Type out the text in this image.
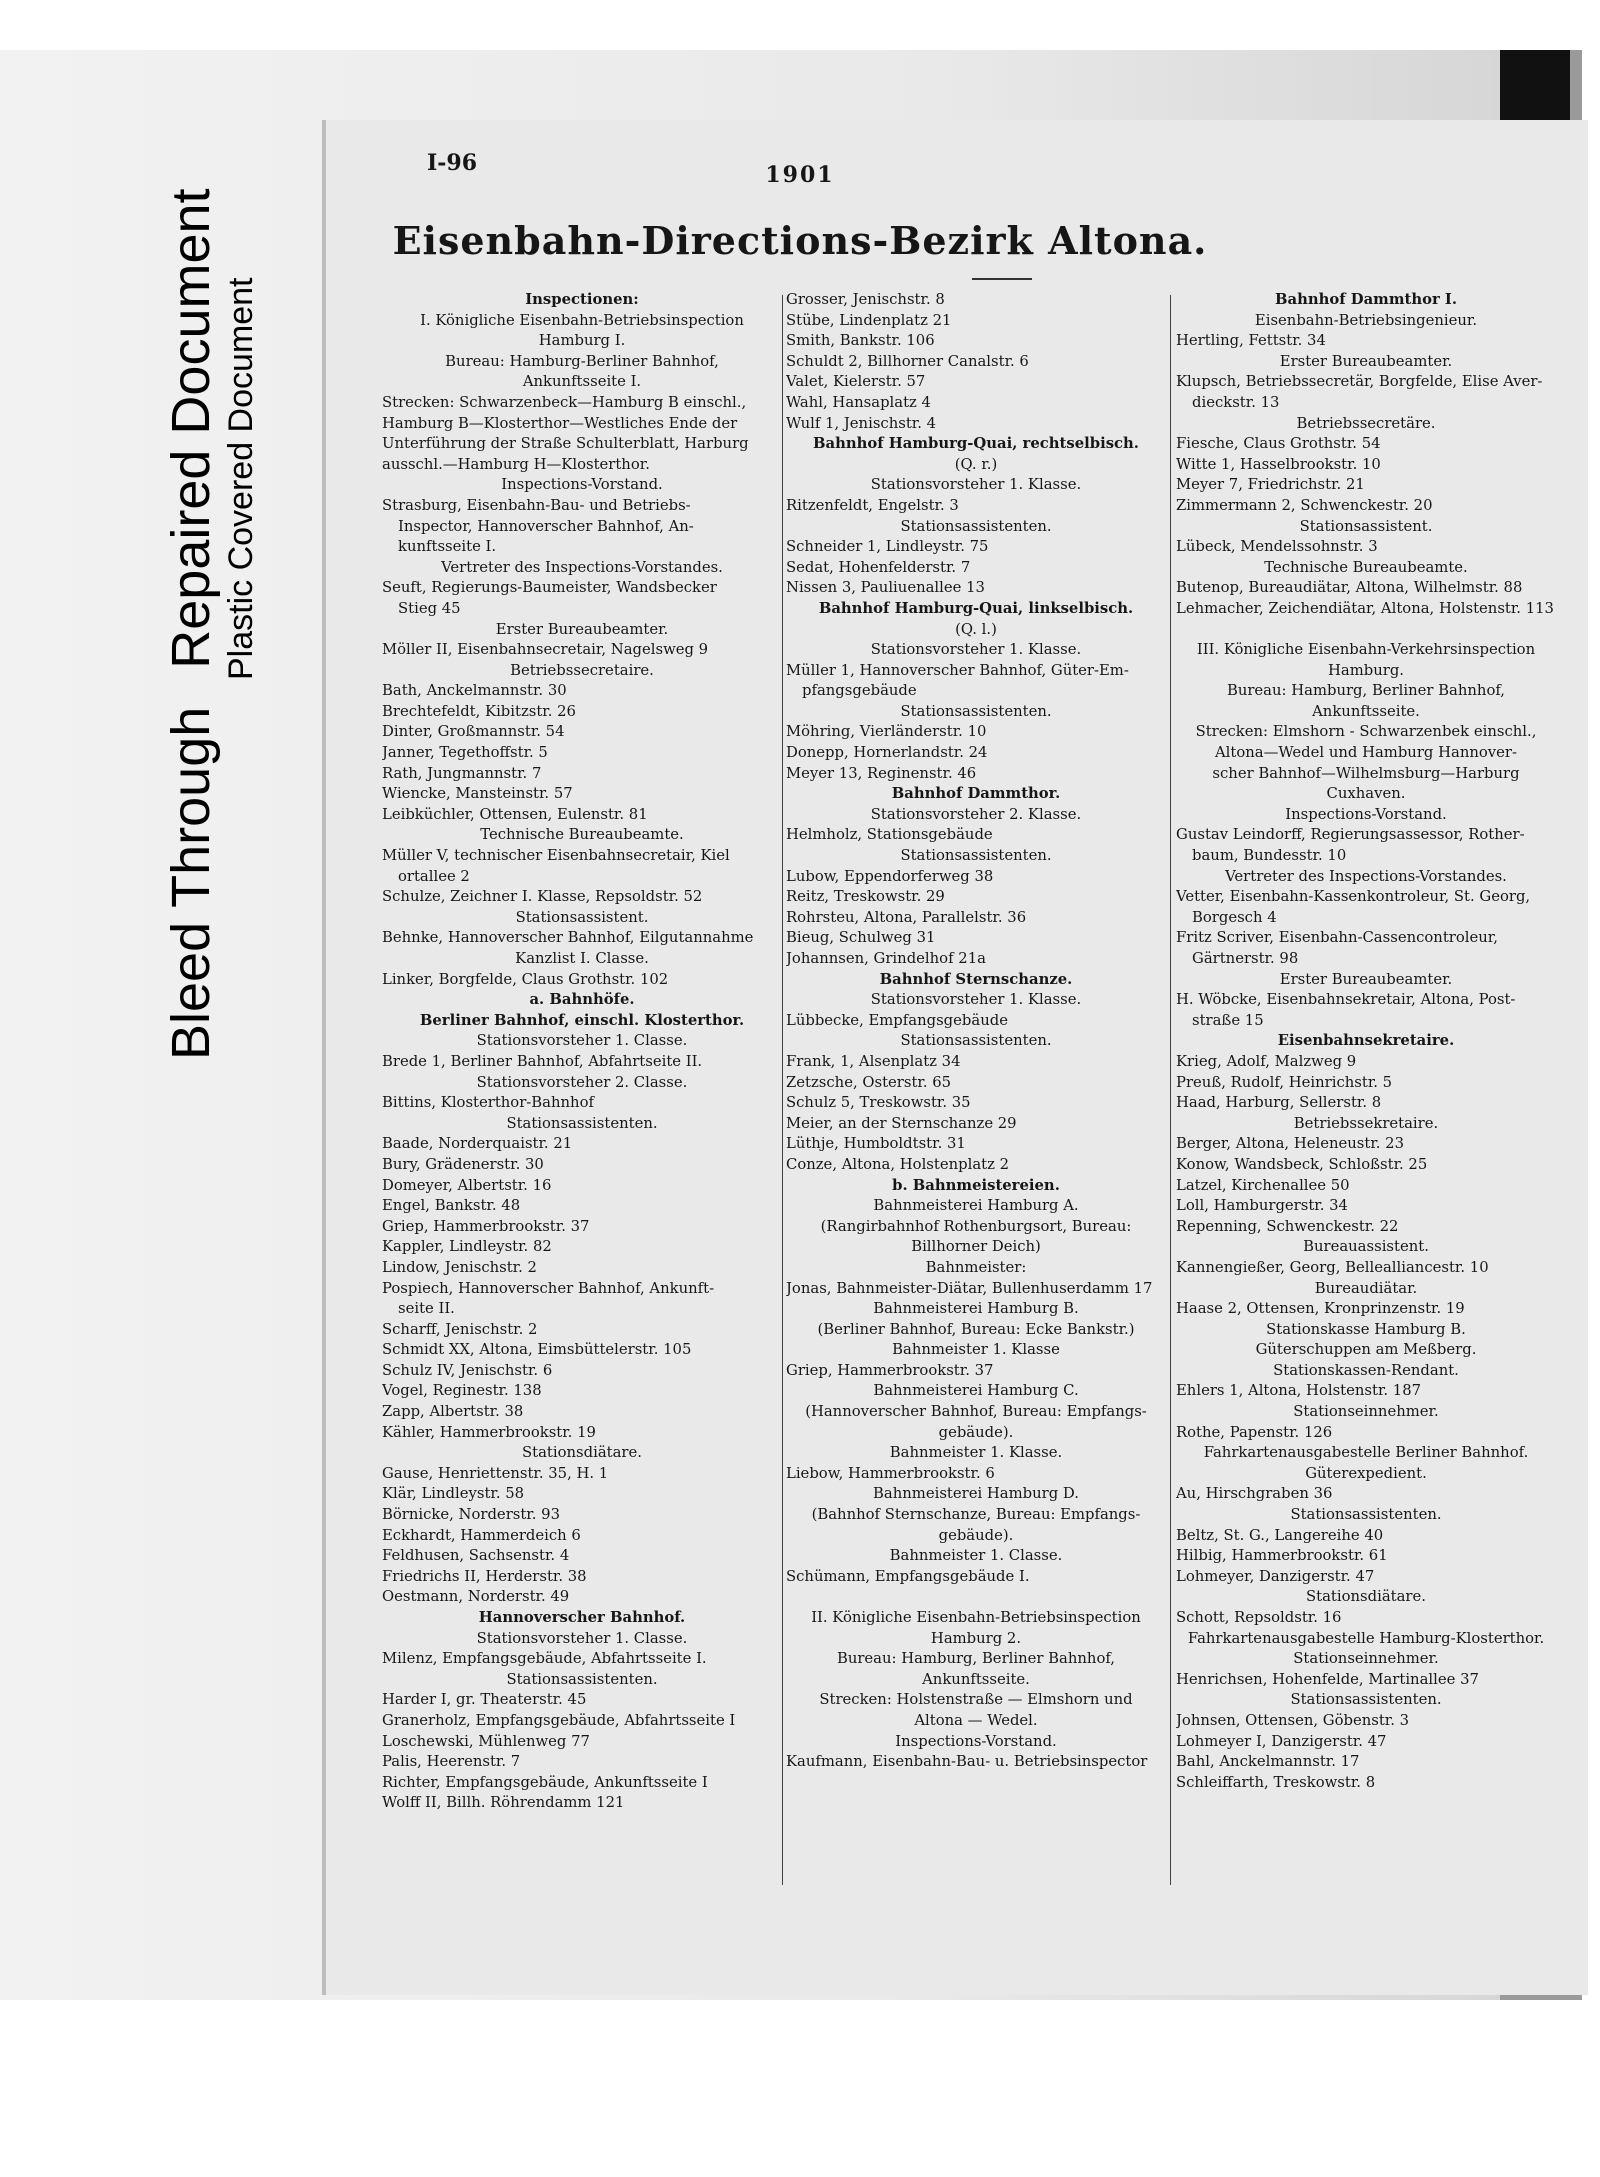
Bleed Through
Repaired Document Plastic Covered Document
I-96	1901
Eisenbahn-Directions-Bezirk Altona.
Inspectionen:
I. Königliche Eisenbahn-Betriebsinspection
Hamburg I.
Bureau: Hamburg-Berliner Bahnhof,
Ankunftsseite I.
Strecken: Schwarzenbeck—Hamburg B einschl.,
Hamburg B—Klosterthor—Westliches Ende der
Unterführung der Straße Schulterblatt, Harburg
ausschl.—Hamburg H—Klosterthor.
Inspections-Vorstand.
Strasburg, Eisenbahn-Bau- und Betriebs-
Inspector, Hannoverscher Bahnhof, An-
kunftsseite I.
Vertreter des Inspections-Vorstandes.
Seuft, Regierungs-Baumeister, Wandsbecker
Stieg 45
Erster Bureaubeamter.
Möller II, Eisenbahnsecretair, Nagelsweg 9
Betriebssecretaire.
Bath, Anckelmannstr. 30
Brechtefeldt, Kibitzstr. 26
Dinter, Großmannstr. 54
Janner, Tegethoffstr. 5
Rath, Jungmannstr. 7
Wiencke, Mansteinstr. 57
Leibküchler, Ottensen, Eulenstr. 81
Technische Bureaubeamte.
Müller V, technischer Eisenbahnsecretair, Kiel
ortallee 2
Schulze, Zeichner I. Klasse, Repsoldstr. 52
Stationsassistent.
Behnke, Hannoverscher Bahnhof, Eilgutannahme
Kanzlist I. Classe.
Linker, Borgfelde, Claus Grothstr. 102
a. Bahnhöfe.
Berliner Bahnhof, einschl. Klosterthor.
Stationsvorsteher 1. Classe.
Brede 1, Berliner Bahnhof, Abfahrtseite II.
Stationsvorsteher 2. Classe.
Bittins, Klosterthor-Bahnhof
Stationsassistenten.
Baade, Norderquaistr. 21
Bury, Grädenerstr. 30
Domeyer, Albertstr. 16
Engel, Bankstr. 48
Griep, Hammerbrookstr. 37
Kappler, Lindleystr. 82
Lindow, Jenischstr. 2
Pospiech, Hannoverscher Bahnhof, Ankunft-
seite II.
Scharff, Jenischstr. 2
Schmidt XX, Altona, Eimsbüttelerstr. 105
Schulz IV, Jenischstr. 6
Vogel, Reginestr. 138
Zapp, Albertstr. 38
Kähler, Hammerbrookstr. 19
Stationsdiätare.
Gause, Henriettenstr. 35, H. 1
Klär, Lindleystr. 58
Börnicke, Norderstr. 93
Eckhardt, Hammerdeich 6
Feldhusen, Sachsenstr. 4
Friedrichs II, Herderstr. 38
Oestmann, Norderstr. 49
Hannoverscher Bahnhof.
Stationsvorsteher 1. Classe.
Milenz, Empfangsgebäude, Abfahrtsseite I.
Stationsassistenten.
Harder I, gr. Theaterstr. 45
Granerholz, Empfangsgebäude, Abfahrtsseite I
Loschewski, Mühlenweg 77
Palis, Heerenstr. 7
Richter, Empfangsgebäude, Ankunftsseite I
Wolff II, Billh. Röhrendamm 121
Grosser, Jenischstr. 8
Stübe, Lindenplatz 21
Smith, Bankstr. 106
Schuldt 2, Billhorner Canalstr. 6
Valet, Kielerstr. 57
Wahl, Hansaplatz 4
Wulf 1, Jenischstr. 4
Bahnhof Hamburg-Quai, rechtselbisch.
(Q. r.)
Stationsvorsteher 1. Klasse.
Ritzenfeldt, Engelstr. 3
Stationsassistenten.
Schneider 1, Lindleystr. 75
Sedat, Hohenfelderstr. 7
Nissen 3, Pauliuenallee 13
Bahnhof Hamburg-Quai, linkselbisch.
(Q. l.)
Stationsvorsteher 1. Klasse.
Müller 1, Hannoverscher Bahnhof, Güter-Em-
pfangsgebäude
Stationsassistenten.
Möhring, Vierländerstr. 10
Donepp, Hornerlandstr. 24
Meyer 13, Reginenstr. 46
Bahnhof Dammthor.
Stationsvorsteher 2. Klasse.
Helmholz, Stationsgebäude
Stationsassistenten.
Lubow, Eppendorferweg 38
Reitz, Treskowstr. 29
Rohrsteu, Altona, Parallelstr. 36
Bieug, Schulweg 31
Johannsen, Grindelhof 21a
Bahnhof Sternschanze.
Stationsvorsteher 1. Klasse.
Lübbecke, Empfangsgebäude
Stationsassistenten.
Frank, 1, Alsenplatz 34
Zetzsche, Osterstr. 65
Schulz 5, Treskowstr. 35
Meier, an der Sternschanze 29
Lüthje, Humboldtstr. 31
Conze, Altona, Holstenplatz 2
b. Bahnmeistereien.
Bahnmeisterei Hamburg A.
(Rangirbahnhof Rothenburgsort, Bureau:
Billhorner Deich)
Bahnmeister:
Jonas, Bahnmeister-Diätar, Bullenhuserdamm 17
Bahnmeisterei Hamburg B.
(Berliner Bahnhof, Bureau: Ecke Bankstr.)
Bahnmeister 1. Klasse
Griep, Hammerbrookstr. 37
Bahnmeisterei Hamburg C.
(Hannoverscher Bahnhof, Bureau: Empfangs-
gebäude).
Bahnmeister 1. Klasse.
Liebow, Hammerbrookstr. 6
Bahnmeisterei Hamburg D.
(Bahnhof Sternschanze, Bureau: Empfangs-
gebäude).
Bahnmeister 1. Classe.
Schümann, Empfangsgebäude I.

II. Königliche Eisenbahn-Betriebsinspection
Hamburg 2.
Bureau: Hamburg, Berliner Bahnhof,
Ankunftsseite.
Strecken: Holstenstraße — Elmshorn und
Altona — Wedel.
Inspections-Vorstand.
Kaufmann, Eisenbahn-Bau- u. Betriebsinspector
Bahnhof Dammthor I.
Eisenbahn-Betriebsingenieur.
Hertling, Fettstr. 34
Erster Bureaubeamter.
Klupsch, Betriebssecretär, Borgfelde, Elise Aver-
dieckstr. 13
Betriebssecretäre.
Fiesche, Claus Grothstr. 54
Witte 1, Hasselbrookstr. 10
Meyer 7, Friedrichstr. 21
Zimmermann 2, Schwenckestr. 20
Stationsassistent.
Lübeck, Mendelssohnstr. 3
Technische Bureaubeamte.
Butenop, Bureaudiätar, Altona, Wilhelmstr. 88
Lehmacher, Zeichendiätar, Altona, Holstenstr. 113

III. Königliche Eisenbahn-Verkehrsinspection
Hamburg.
Bureau: Hamburg, Berliner Bahnhof,
Ankunftsseite.
Strecken: Elmshorn - Schwarzenbek einschl.,
Altona—Wedel und Hamburg Hannover-
scher Bahnhof—Wilhelmsburg—Harburg
Cuxhaven.
Inspections-Vorstand.
Gustav Leindorff, Regierungsassessor, Rother-
baum, Bundesstr. 10
Vertreter des Inspections-Vorstandes.
Vetter, Eisenbahn-Kassenkontroleur, St. Georg,
Borgesch 4
Fritz Scriver, Eisenbahn-Cassencontroleur,
Gärtnerstr. 98
Erster Bureaubeamter.
H. Wöbcke, Eisenbahnsekretair, Altona, Post-
straße 15
Eisenbahnsekretaire.
Krieg, Adolf, Malzweg 9
Preuß, Rudolf, Heinrichstr. 5
Haad, Harburg, Sellerstr. 8
Betriebssekretaire.
Berger, Altona, Heleneustr. 23
Konow, Wandsbeck, Schloßstr. 25
Latzel, Kirchenallee 50
Loll, Hamburgerstr. 34
Repenning, Schwenckestr. 22
Bureauassistent.
Kannengießer, Georg, Bellealliancestr. 10
Bureaudiätar.
Haase 2, Ottensen, Kronprinzenstr. 19
Stationskasse Hamburg B.
Güterschuppen am Meßberg.
Stationskassen-Rendant.
Ehlers 1, Altona, Holstenstr. 187
Stationseinnehmer.
Rothe, Papenstr. 126
Fahrkartenausgabestelle Berliner Bahnhof.
Güterexpedient.
Au, Hirschgraben 36
Stationsassistenten.
Beltz, St. G., Langereihe 40
Hilbig, Hammerbrookstr. 61
Lohmeyer, Danzigerstr. 47
Stationsdiätare.
Schott, Repsoldstr. 16
Fahrkartenausgabestelle Hamburg-Klosterthor.
Stationseinnehmer.
Henrichsen, Hohenfelde, Martinallee 37
Stationsassistenten.
Johnsen, Ottensen, Göbenstr. 3
Lohmeyer I, Danzigerstr. 47
Bahl, Anckelmannstr. 17
Schleiffarth, Treskowstr. 8
